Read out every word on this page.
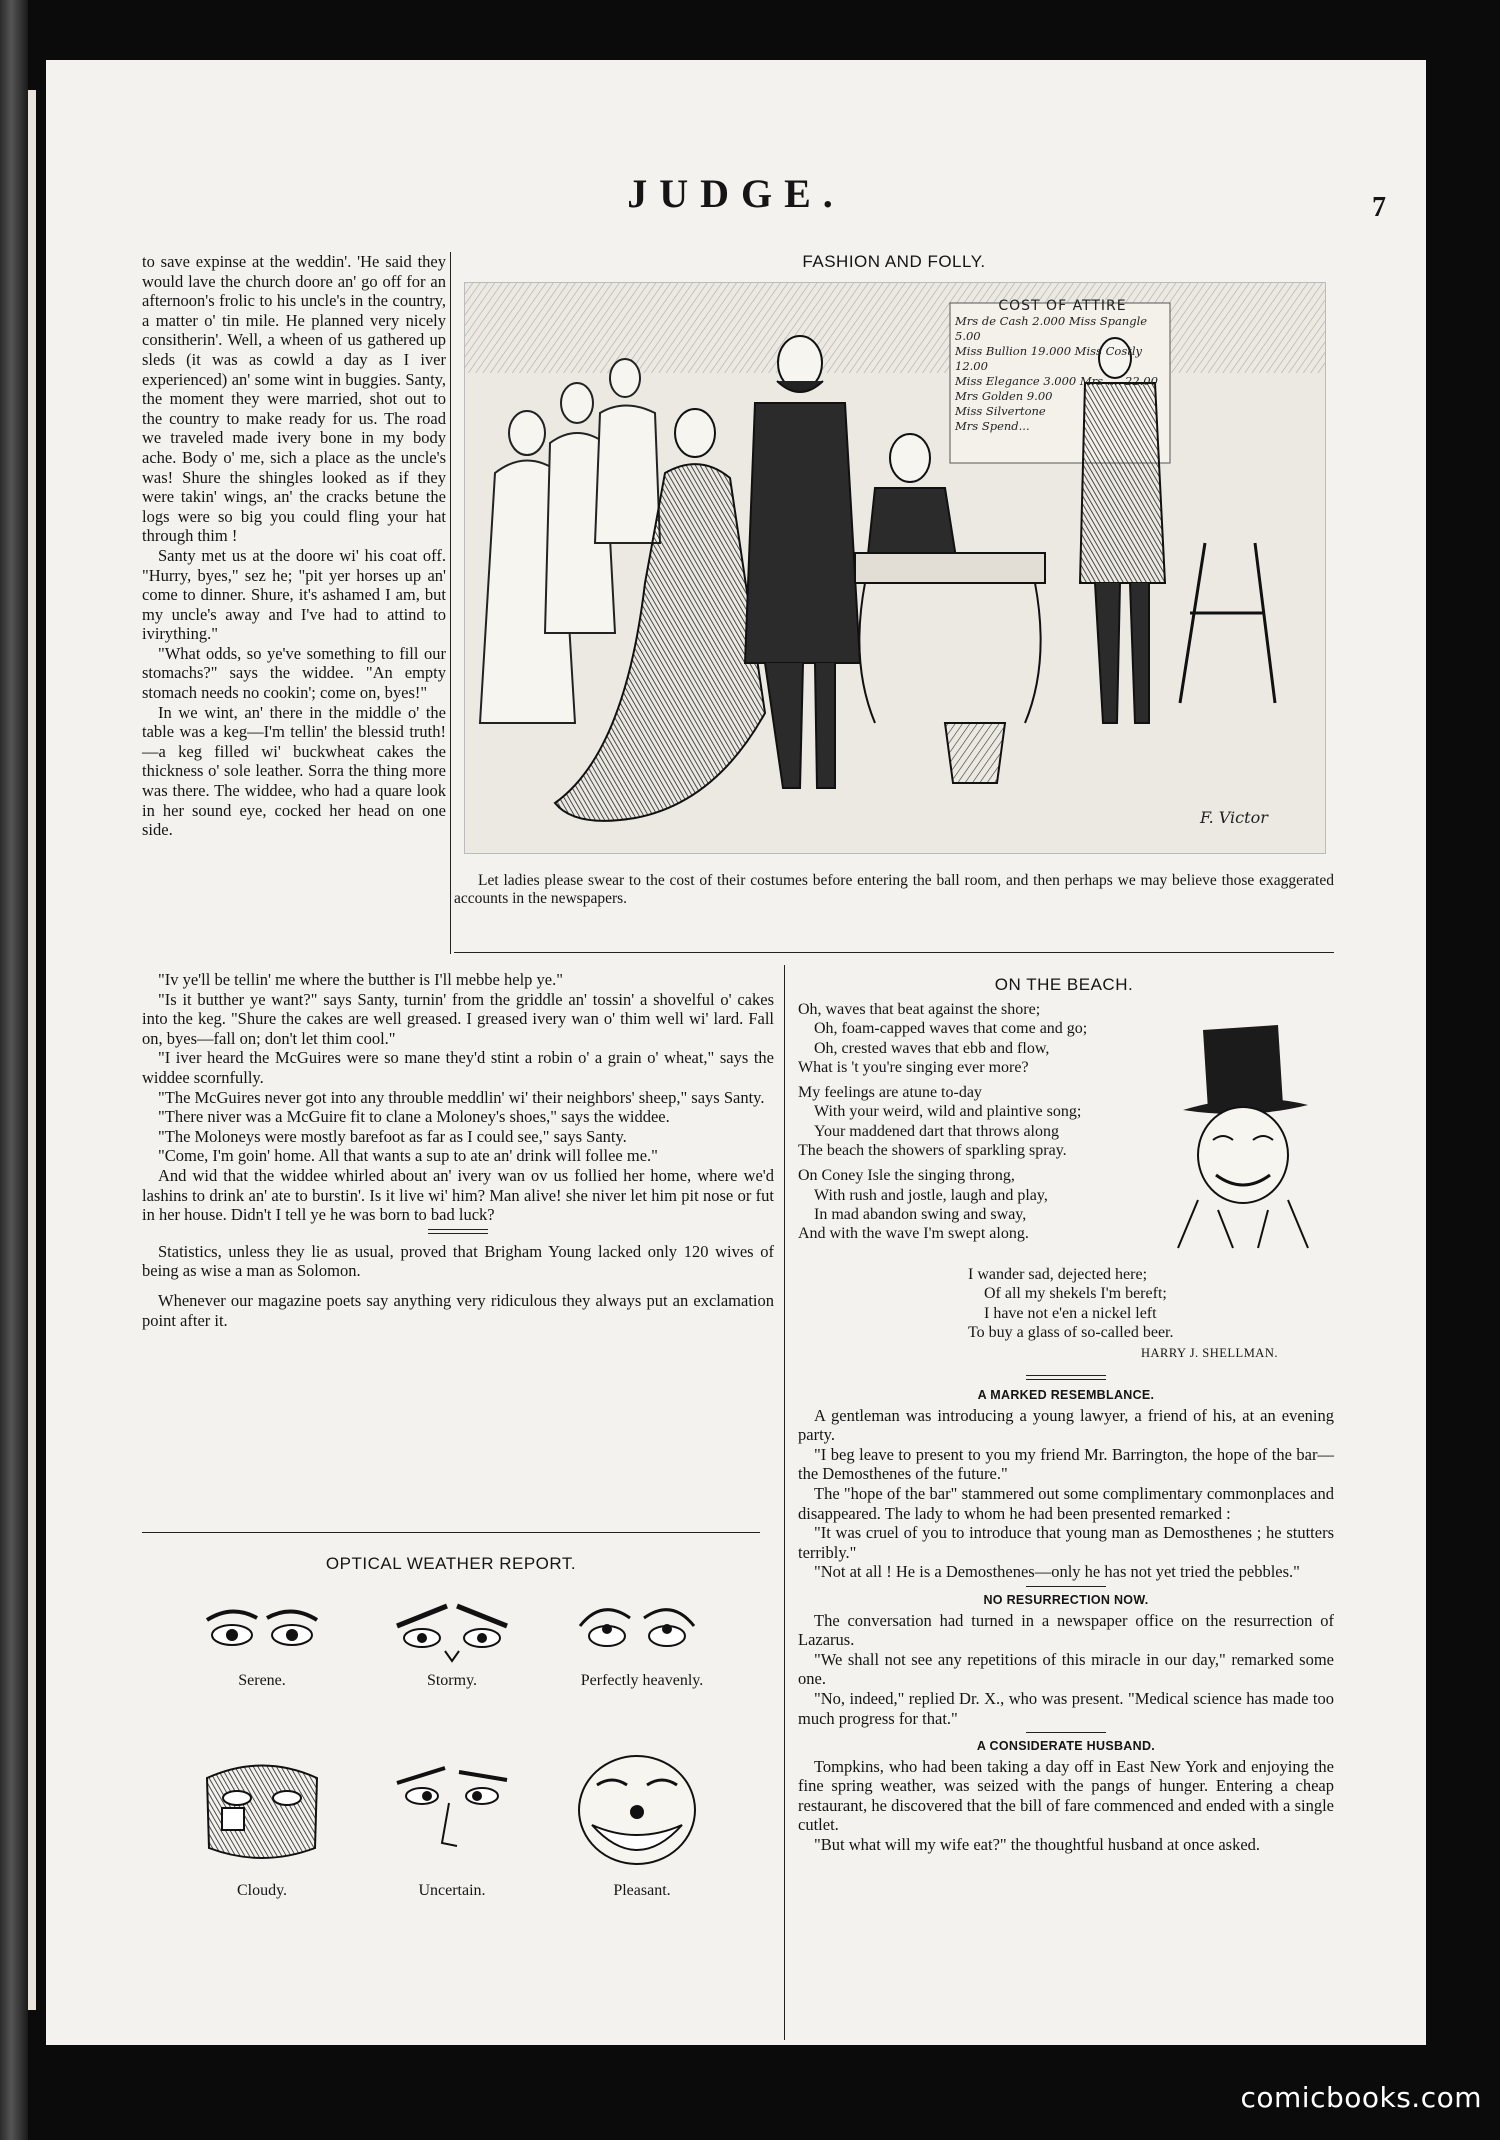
JUDGE.	7

to save expinse at the weddin'. 'He said they would lave the church doore an' go off for an afternoon's frolic to his uncle's in the country, a matter o' tin mile. He planned very nicely consitherin'. Well, a wheen of us gathered up sleds (it was as cowld a day as I iver experienced) an' some wint in buggies. Santy, the moment they were married, shot out to the country to make ready for us. The road we traveled made ivery bone in my body ache. Body o' me, sich a place as the uncle's was! Shure the shingles looked as if they were takin' wings, an' the cracks betune the logs were so big you could fling your hat through thim !

Santy met us at the doore wi' his coat off. "Hurry, byes," sez he; "pit yer horses up an' come to dinner. Shure, it's ashamed I am, but my uncle's away and I've had to attind to ivirything."

"What odds, so ye've something to fill our stomachs?" says the widdee. "An empty stomach needs no cookin'; come on, byes!"

In we wint, an' there in the middle o' the table was a keg—I'm tellin' the blessid truth!—a keg filled wi' buckwheat cakes the thickness o' sole leather. Sorra the thing more was there. The widdee, who had a quare look in her sound eye, cocked her head on one side.

FASHION AND FOLLY.
F. Victor
COST OF ATTIRE
Mrs de Cash 2.000 Miss Spangle 5.00
Miss Bullion 19.000 Miss Costly 12.00
Miss Elegance 3.000 Mrs .... 22.00
Mrs Golden 9.00
Miss Silvertone
Mrs Spend...
Let ladies please swear to the cost of their costumes before entering the ball room, and then perhaps we may believe those exaggerated accounts in the newspapers.

"Iv ye'll be tellin' me where the butther is I'll mebbe help ye."

"Is it butther ye want?" says Santy, turnin' from the griddle an' tossin' a shovelful o' cakes into the keg. "Shure the cakes are well greased. I greased ivery wan o' thim well wi' lard. Fall on, byes—fall on; don't let thim cool."

"I iver heard the McGuires were so mane they'd stint a robin o' a grain o' wheat," says the widdee scornfully.

"The McGuires never got into any throuble meddlin' wi' their neighbors' sheep," says Santy.

"There niver was a McGuire fit to clane a Moloney's shoes," says the widdee.

"The Moloneys were mostly barefoot as far as I could see," says Santy.

"Come, I'm goin' home. All that wants a sup to ate an' drink will follee me."

And wid that the widdee whirled about an' ivery wan ov us follied her home, where we'd lashins to drink an' ate to burstin'. Is it live wi' him? Man alive! she niver let him pit nose or fut in her house. Didn't I tell ye he was born to bad luck?

Statistics, unless they lie as usual, proved that Brigham Young lacked only 120 wives of being as wise a man as Solomon.

Whenever our magazine poets say anything very ridiculous they always put an exclamation point after it.

OPTICAL WEATHER REPORT.
Serene.	Stormy.	Perfectly heavenly.
Cloudy.	Uncertain.	Pleasant.
ON THE BEACH.
Oh, waves that beat against the shore;
Oh, foam-capped waves that come and go;
Oh, crested waves that ebb and flow,
What is 't you're singing ever more?
My feelings are atune to-day
With your weird, wild and plaintive song;
Your maddened dart that throws along
The beach the showers of sparkling spray.
On Coney Isle the singing throng,
With rush and jostle, laugh and play,
In mad abandon swing and sway,
And with the wave I'm swept along.
I wander sad, dejected here;
Of all my shekels I'm bereft;
I have not e'en a nickel left
To buy a glass of so-called beer.
HARRY J. SHELLMAN.
A MARKED RESEMBLANCE.

A gentleman was introducing a young lawyer, a friend of his, at an evening party.

"I beg leave to present to you my friend Mr. Barrington, the hope of the bar—the Demosthenes of the future."

The "hope of the bar" stammered out some complimentary commonplaces and disappeared. The lady to whom he had been presented remarked :

"It was cruel of you to introduce that young man as Demosthenes ; he stutters terribly."

"Not at all ! He is a Demosthenes—only he has not yet tried the pebbles."

NO RESURRECTION NOW.

The conversation had turned in a newspaper office on the resurrection of Lazarus.

"We shall not see any repetitions of this miracle in our day," remarked some one.

"No, indeed," replied Dr. X., who was present. "Medical science has made too much progress for that."

A CONSIDERATE HUSBAND.

Tompkins, who had been taking a day off in East New York and enjoying the fine spring weather, was seized with the pangs of hunger. Entering a cheap restaurant, he discovered that the bill of fare commenced and ended with a single cutlet.

"But what will my wife eat?" the thoughtful husband at once asked.

comicbooks.com
